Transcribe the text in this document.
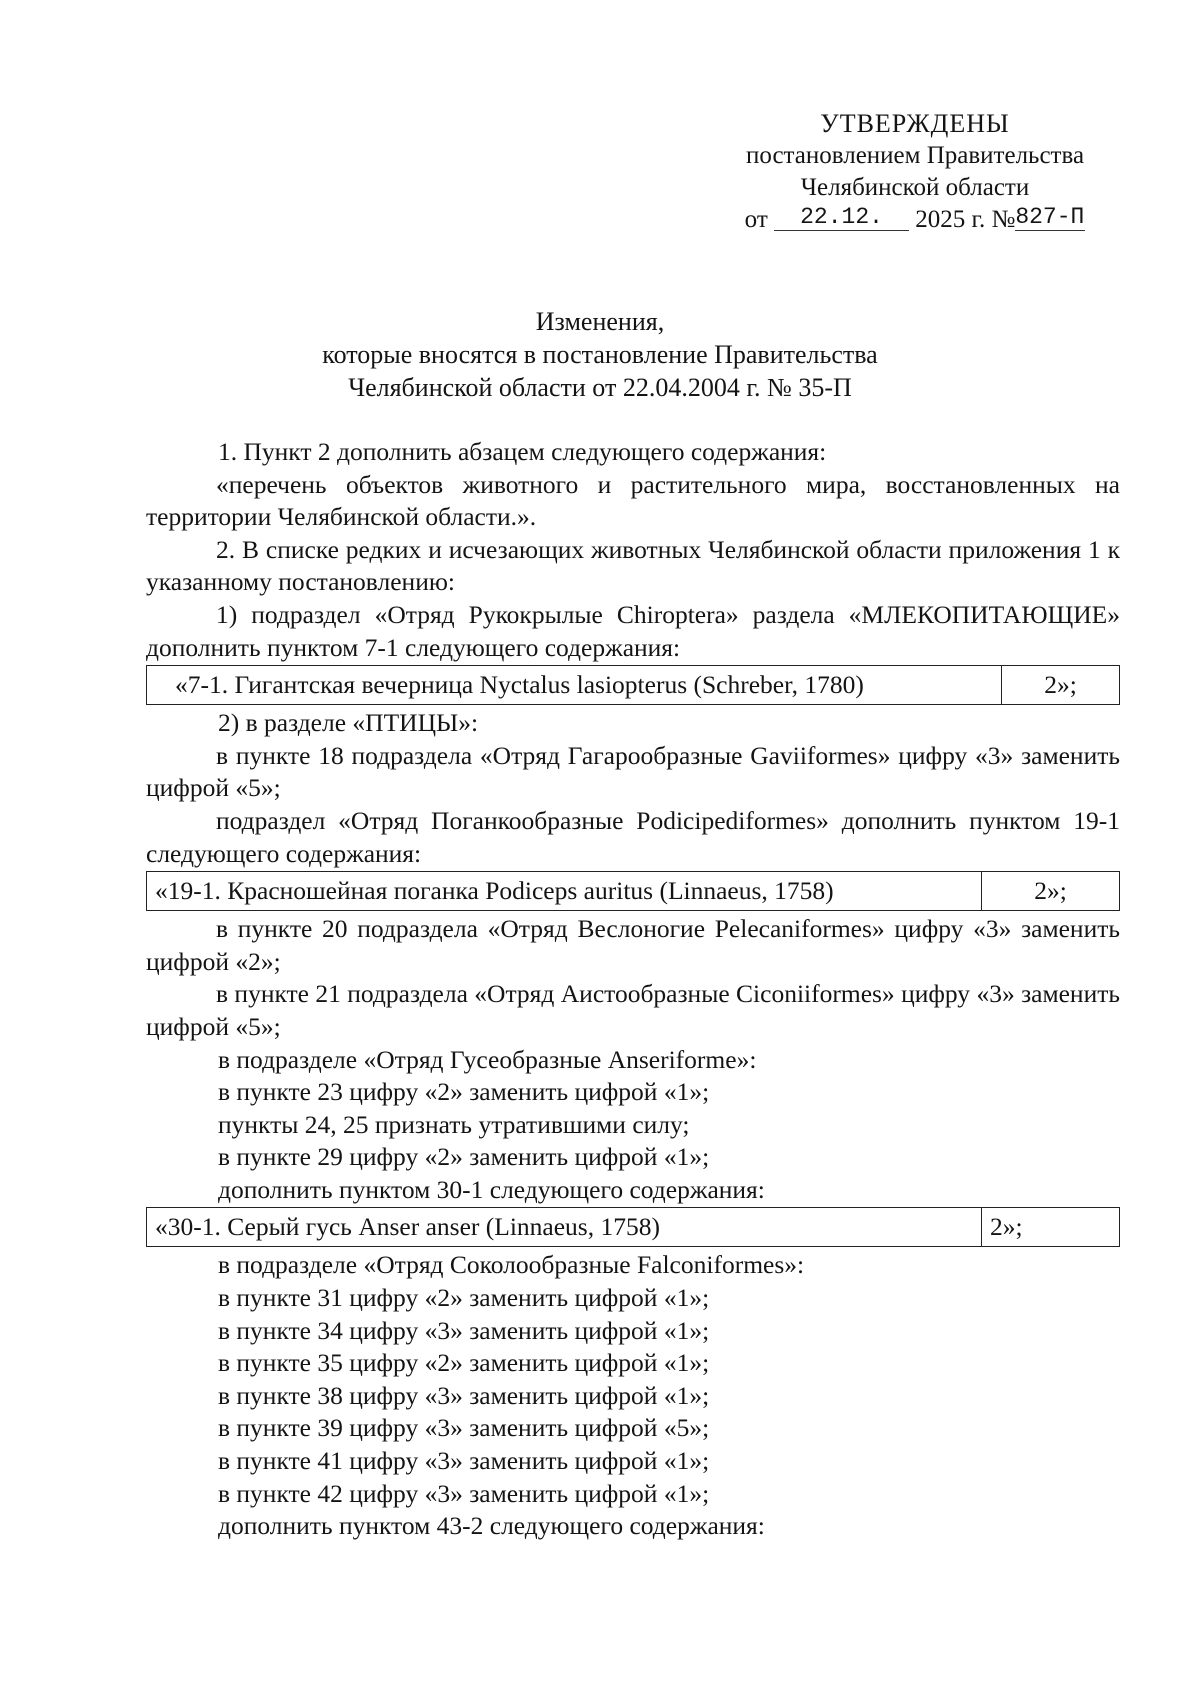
УТВЕРЖДЕНЫ
постановлением Правительства
Челябинской области
от 22.12. 2025 г. №827-П
Изменения,
которые вносятся в постановление Правительства
Челябинской области от 22.04.2004 г. № 35-П

1. Пункт 2 дополнить абзацем следующего содержания:

«перечень объектов животного и растительного мира, восстановленных на территории Челябинской области.».

2. В списке редких и исчезающих животных Челябинской области приложения 1 к указанному постановлению:

1) подраздел «Отряд Рукокрылые Chiroptera» раздела «МЛЕКОПИТАЮЩИЕ» дополнить пунктом 7-1 следующего содержания:

«7-1. Гигантская вечерница Nyctalus lasiopterus (Schreber, 1780)	2»;

2) в разделе «ПТИЦЫ»:

в пункте 18 подраздела «Отряд Гагарообразные Gaviiformes» цифру «3» заменить цифрой «5»;

подраздел «Отряд Поганкообразные Podicipediformes» дополнить пунктом 19-1 следующего содержания:

«19-1. Красношейная поганка Podiceps auritus (Linnaeus, 1758)	2»;

в пункте 20 подраздела «Отряд Веслоногие Pelecaniformes» цифру «3» заменить цифрой «2»;

в пункте 21 подраздела «Отряд Аистообразные Ciconiiformes» цифру «3» заменить цифрой «5»;

в подразделе «Отряд Гусеобразные Anseriforme»:

в пункте 23 цифру «2» заменить цифрой «1»;

пункты 24, 25 признать утратившими силу;

в пункте 29 цифру «2» заменить цифрой «1»;

дополнить пунктом 30-1 следующего содержания:

«30-1. Серый гусь Anser anser (Linnaeus, 1758)	2»;

в подразделе «Отряд Соколообразные Falconiformes»:

в пункте 31 цифру «2» заменить цифрой «1»;

в пункте 34 цифру «3» заменить цифрой «1»;

в пункте 35 цифру «2» заменить цифрой «1»;

в пункте 38 цифру «3» заменить цифрой «1»;

в пункте 39 цифру «3» заменить цифрой «5»;

в пункте 41 цифру «3» заменить цифрой «1»;

в пункте 42 цифру «3» заменить цифрой «1»;

дополнить пунктом 43-2 следующего содержания:
